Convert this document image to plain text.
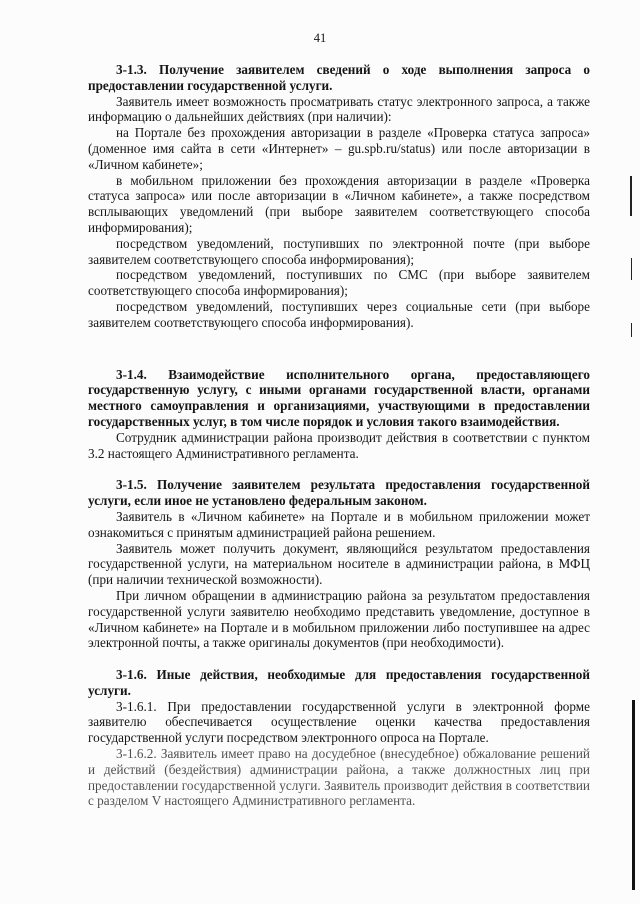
41

3-1.3. Получение заявителем сведений о ходе выполнения запроса о предоставлении государственной услуги.

Заявитель имеет возможность просматривать статус электронного запроса, а также информацию о дальнейших действиях (при наличии):

на Портале без прохождения авторизации в разделе «Проверка статуса запроса» (доменное имя сайта в сети «Интернет» – gu.spb.ru/status) или после авторизации в «Личном кабинете»;

в мобильном приложении без прохождения авторизации в разделе «Проверка статуса запроса» или после авторизации в «Личном кабинете», а также посредством всплывающих уведомлений (при выборе заявителем соответствующего способа информирования);

посредством уведомлений, поступивших по электронной почте (при выборе заявителем соответствующего способа информирования);

посредством уведомлений, поступивших по СМС (при выборе заявителем соответствующего способа информирования);

посредством уведомлений, поступивших через социальные сети (при выборе заявителем соответствующего способа информирования).

3-1.4. Взаимодействие исполнительного органа, предоставляющего государственную услугу, с иными органами государственной власти, органами местного самоуправления и организациями, участвующими в предоставлении государственных услуг, в том числе порядок и условия такого взаимодействия.

Сотрудник администрации района производит действия в соответствии с пунктом 3.2 настоящего Административного регламента.

3-1.5. Получение заявителем результата предоставления государственной услуги, если иное не установлено федеральным законом.

Заявитель в «Личном кабинете» на Портале и в мобильном приложении может ознакомиться с принятым администрацией района решением.

Заявитель может получить документ, являющийся результатом предоставления государственной услуги, на материальном носителе в администрации района, в МФЦ (при наличии технической возможности).

При личном обращении в администрацию района за результатом предоставления государственной услуги заявителю необходимо представить уведомление, доступное в «Личном кабинете» на Портале и в мобильном приложении либо поступившее на адрес электронной почты, а также оригиналы документов (при необходимости).

3-1.6. Иные действия, необходимые для предоставления государственной услуги.

3-1.6.1. При предоставлении государственной услуги в электронной форме заявителю обеспечивается осуществление оценки качества предоставления государственной услуги посредством электронного опроса на Портале.

3-1.6.2. Заявитель имеет право на досудебное (внесудебное) обжалование решений и действий (бездействия) администрации района, а также должностных лиц при предоставлении государственной услуги. Заявитель производит действия в соответствии с разделом V настоящего Административного регламента.
